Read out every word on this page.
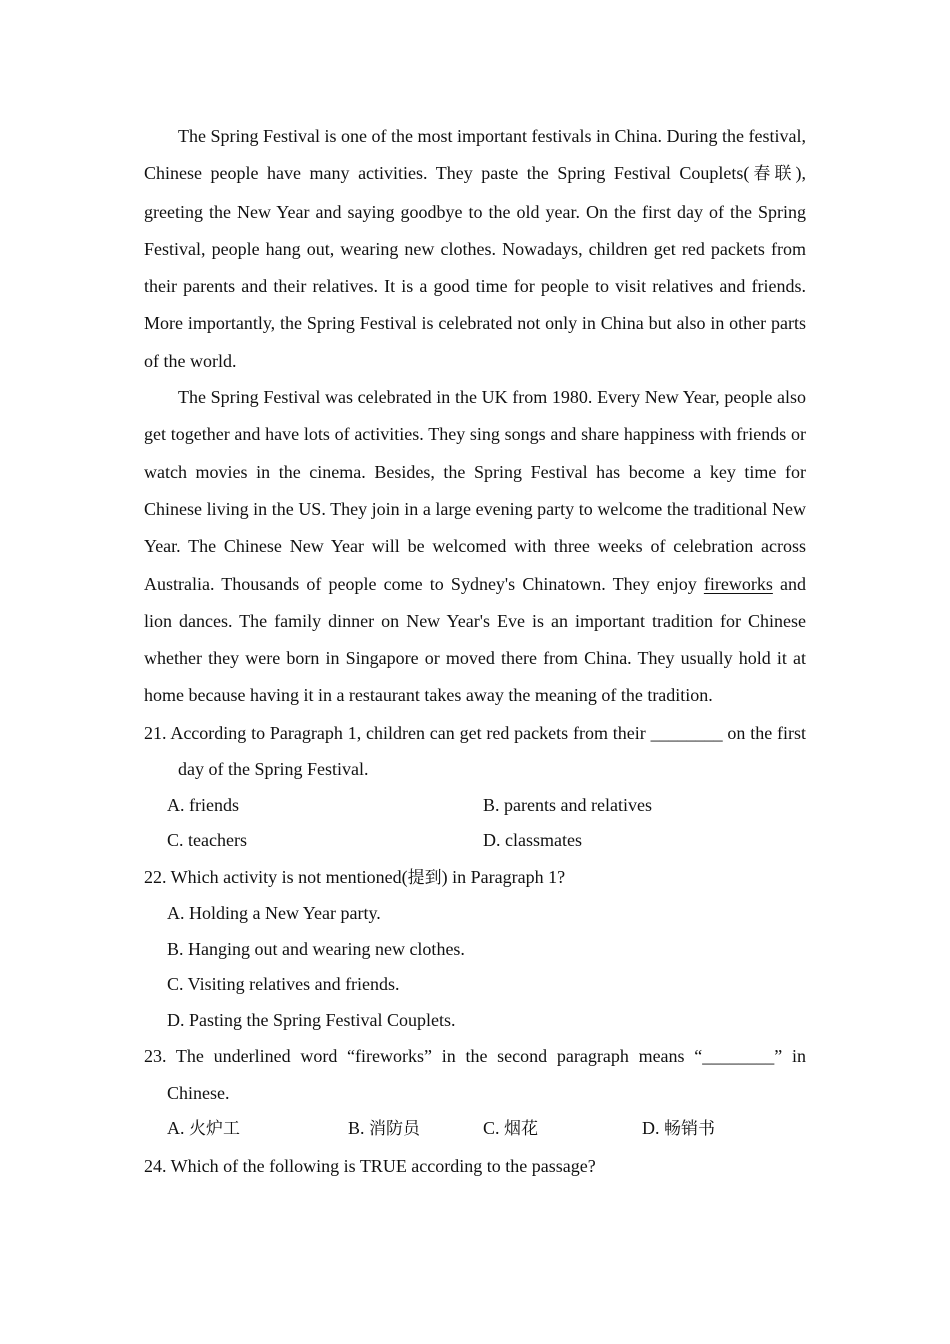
The Spring Festival is one of the most important festivals in China. During the festival, Chinese people have many activities. They paste the Spring Festival Couplets(春联), greeting the New Year and saying goodbye to the old year. On the first day of the Spring Festival, people hang out, wearing new clothes. Nowadays, children get red packets from their parents and their relatives. It is a good time for people to visit relatives and friends. More importantly, the Spring Festival is celebrated not only in China but also in other parts of the world.

The Spring Festival was celebrated in the UK from 1980. Every New Year, people also get together and have lots of activities. They sing songs and share happiness with friends or watch movies in the cinema. Besides, the Spring Festival has become a key time for Chinese living in the US. They join in a large evening party to welcome the traditional New Year. The Chinese New Year will be welcomed with three weeks of celebration across Australia. Thousands of people come to Sydney's Chinatown. They enjoy fireworks and lion dances. The family dinner on New Year's Eve is an important tradition for Chinese whether they were born in Singapore or moved there from China. They usually hold it at home because having it in a restaurant takes away the meaning of the tradition.

21. According to Paragraph 1, children can get red packets from their ________ on the first day of the Spring Festival.
A. friends	B. parents and relatives
C. teachers	D. classmates
22. Which activity is not mentioned(提到) in Paragraph 1?
A. Holding a New Year party.
B. Hanging out and wearing new clothes.
C. Visiting relatives and friends.
D. Pasting the Spring Festival Couplets.
23. The underlined word “fireworks” in the second paragraph means “________” in Chinese.
A. 火炉工	B. 消防员	C. 烟花	D. 畅销书
24. Which of the following is TRUE according to the passage?
